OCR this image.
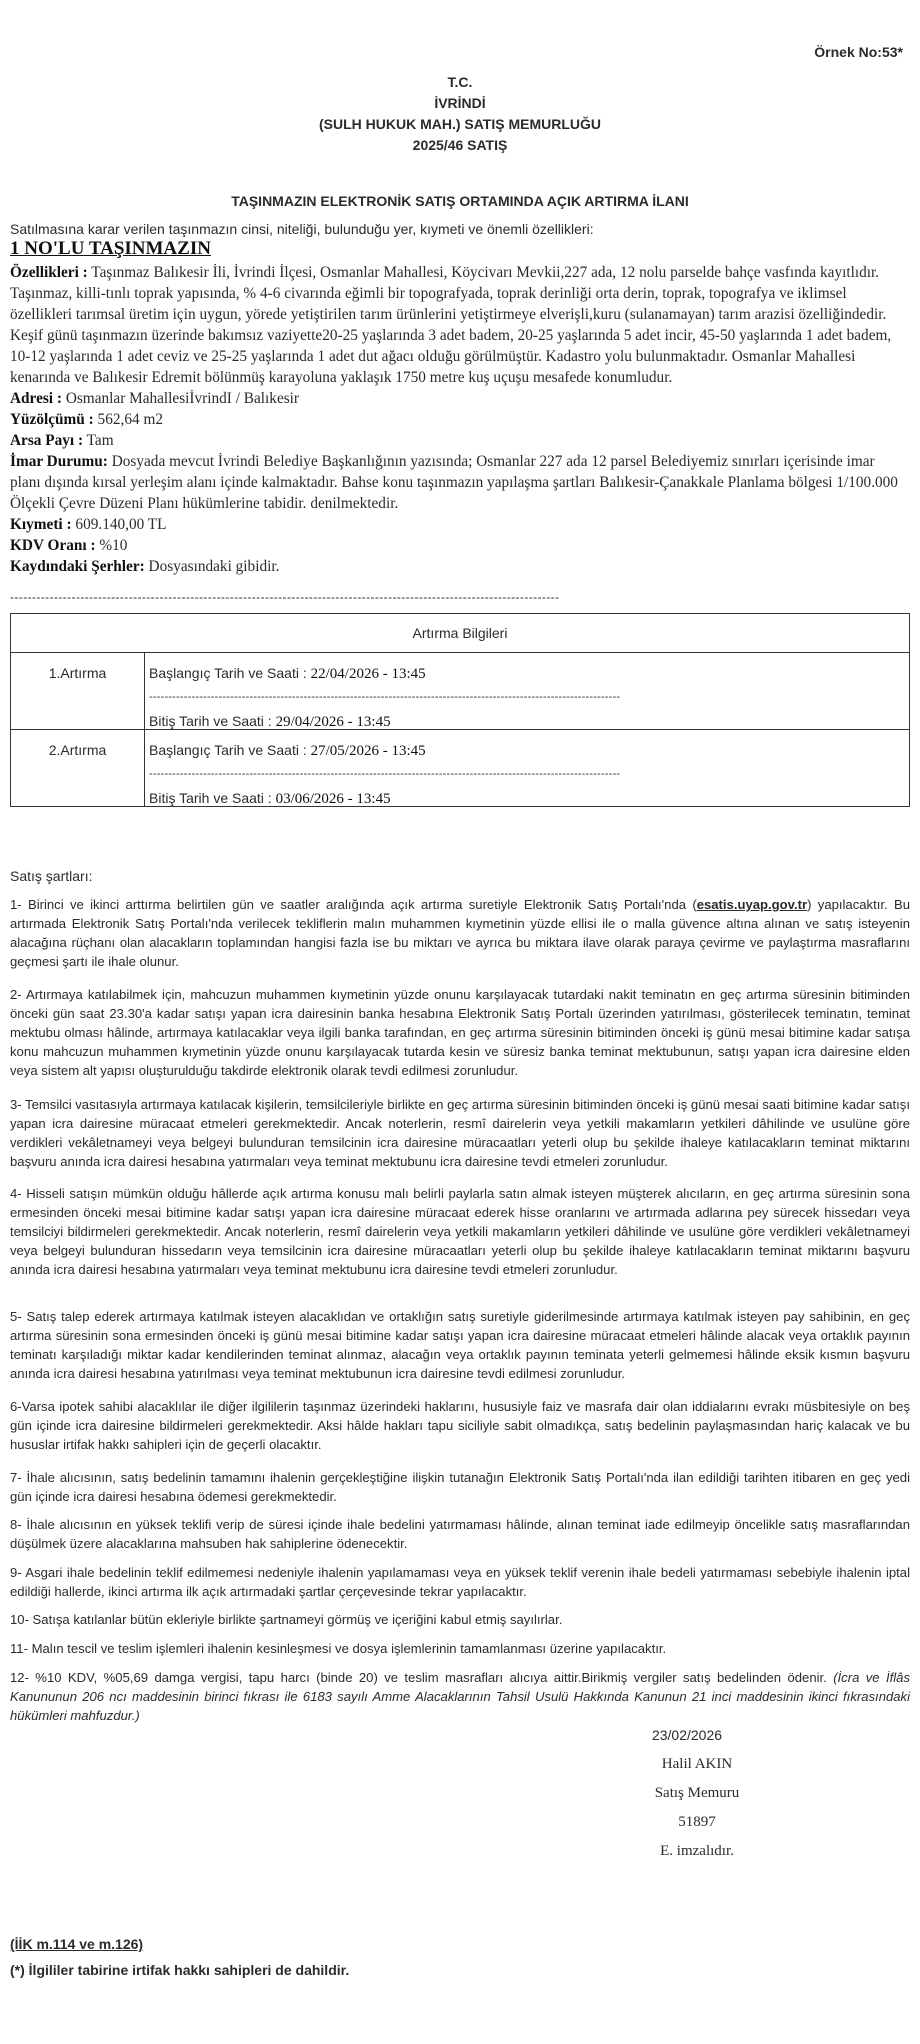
Örnek No:53*
T.C.
İVRİNDİ
(SULH HUKUK MAH.) SATIŞ MEMURLUĞU
2025/46 SATIŞ
TAŞINMAZIN ELEKTRONİK SATIŞ ORTAMINDA AÇIK ARTIRMA İLANI
Satılmasına karar verilen taşınmazın cinsi, niteliği, bulunduğu yer, kıymeti ve önemli özellikleri:
1 NO'LU TAŞINMAZIN

Özellikleri : Taşınmaz Balıkesir İli, İvrindi İlçesi, Osmanlar Mahallesi, Köycivarı Mevkii,227 ada, 12 nolu parselde bahçe vasfında kayıtlıdır. Taşınmaz, killi-tınlı toprak yapısında, % 4-6 civarında eğimli bir topografyada, toprak derinliği orta derin, toprak, topografya ve iklimsel özellikleri tarımsal üretim için uygun, yörede yetiştirilen tarım ürünlerini yetiştirmeye elverişli,kuru (sulanamayan) tarım arazisi özelliğindedir. Keşif günü taşınmazın üzerinde bakımsız vaziyette20-25 yaşlarında 3 adet badem, 20-25 yaşlarında 5 adet incir, 45-50 yaşlarında 1 adet badem, 10-12 yaşlarında 1 adet ceviz ve 25-25 yaşlarında 1 adet dut ağacı olduğu görülmüştür. Kadastro yolu bulunmaktadır. Osmanlar Mahallesi kenarında ve Balıkesir Edremit bölünmüş karayoluna yaklaşık 1750 metre kuş uçuşu mesafede konumludur.

Adresi : Osmanlar MahallesiİvrindI / Balıkesir

Yüzölçümü : 562,64 m2

Arsa Payı : Tam

İmar Durumu: Dosyada mevcut İvrindi Belediye Başkanlığının yazısında; Osmanlar 227 ada 12 parsel Belediyemiz sınırları içerisinde imar planı dışında kırsal yerleşim alanı içinde kalmaktadır. Bahse konu taşınmazın yapılaşma şartları Balıkesir-Çanakkale Planlama bölgesi 1/100.000 Ölçekli Çevre Düzeni Planı hükümlerine tabidir. denilmektedir.

Kıymeti : 609.140,00 TL

KDV Oranı : %10

Kaydındaki Şerhler: Dosyasındaki gibidir.

-----------------------------------------------------------------------------------------------------------------------------
Artırma Bilgileri	
1.Artırma	Başlangıç Tarih ve Saati : 22/04/2026 - 13:45
--------------------------------------------------------------------------------------------------------------------------
Bitiş Tarih ve Saati : 29/04/2026 - 13:45

2.Artırma	Başlangıç Tarih ve Saati : 27/05/2026 - 13:45
--------------------------------------------------------------------------------------------------------------------------
Bitiş Tarih ve Saati : 03/06/2026 - 13:45
Satış şartları:

1- Birinci ve ikinci arttırma belirtilen gün ve saatler aralığında açık artırma suretiyle Elektronik Satış Portalı'nda (esatis.uyap.gov.tr) yapılacaktır. Bu artırmada Elektronik Satış Portalı'nda verilecek tekliflerin malın muhammen kıymetinin yüzde ellisi ile o malla güvence altına alınan ve satış isteyenin alacağına rüçhanı olan alacakların toplamından hangisi fazla ise bu miktarı ve ayrıca bu miktara ilave olarak paraya çevirme ve paylaştırma masraflarını geçmesi şartı ile ihale olunur.

2- Artırmaya katılabilmek için, mahcuzun muhammen kıymetinin yüzde onunu karşılayacak tutardaki nakit teminatın en geç artırma süresinin bitiminden önceki gün saat 23.30'a kadar satışı yapan icra dairesinin banka hesabına Elektronik Satış Portalı üzerinden yatırılması, gösterilecek teminatın, teminat mektubu olması hâlinde, artırmaya katılacaklar veya ilgili banka tarafından, en geç artırma süresinin bitiminden önceki iş günü mesai bitimine kadar satışa konu mahcuzun muhammen kıymetinin yüzde onunu karşılayacak tutarda kesin ve süresiz banka teminat mektubunun, satışı yapan icra dairesine elden veya sistem alt yapısı oluşturulduğu takdirde elektronik olarak tevdi edilmesi zorunludur.

3- Temsilci vasıtasıyla artırmaya katılacak kişilerin, temsilcileriyle birlikte en geç artırma süresinin bitiminden önceki iş günü mesai saati bitimine kadar satışı yapan icra dairesine müracaat etmeleri gerekmektedir. Ancak noterlerin, resmî dairelerin veya yetkili makamların yetkileri dâhilinde ve usulüne göre verdikleri vekâletnameyi veya belgeyi bulunduran temsilcinin icra dairesine müracaatları yeterli olup bu şekilde ihaleye katılacakların teminat miktarını başvuru anında icra dairesi hesabına yatırmaları veya teminat mektubunu icra dairesine tevdi etmeleri zorunludur.

4- Hisseli satışın mümkün olduğu hâllerde açık artırma konusu malı belirli paylarla satın almak isteyen müşterek alıcıların, en geç artırma süresinin sona ermesinden önceki mesai bitimine kadar satışı yapan icra dairesine müracaat ederek hisse oranlarını ve artırmada adlarına pey sürecek hissedarı veya temsilciyi bildirmeleri gerekmektedir. Ancak noterlerin, resmî dairelerin veya yetkili makamların yetkileri dâhilinde ve usulüne göre verdikleri vekâletnameyi veya belgeyi bulunduran hissedarın veya temsilcinin icra dairesine müracaatları yeterli olup bu şekilde ihaleye katılacakların teminat miktarını başvuru anında icra dairesi hesabına yatırmaları veya teminat mektubunu icra dairesine tevdi etmeleri zorunludur.

5- Satış talep ederek artırmaya katılmak isteyen alacaklıdan ve ortaklığın satış suretiyle giderilmesinde artırmaya katılmak isteyen pay sahibinin, en geç artırma süresinin sona ermesinden önceki iş günü mesai bitimine kadar satışı yapan icra dairesine müracaat etmeleri hâlinde alacak veya ortaklık payının teminatı karşıladığı miktar kadar kendilerinden teminat alınmaz, alacağın veya ortaklık payının teminata yeterli gelmemesi hâlinde eksik kısmın başvuru anında icra dairesi hesabına yatırılması veya teminat mektubunun icra dairesine tevdi edilmesi zorunludur.

6-Varsa ipotek sahibi alacaklılar ile diğer ilgililerin taşınmaz üzerindeki haklarını, hususiyle faiz ve masrafa dair olan iddialarını evrakı müsbitesiyle on beş gün içinde icra dairesine bildirmeleri gerekmektedir. Aksi hâlde hakları tapu siciliyle sabit olmadıkça, satış bedelinin paylaşmasından hariç kalacak ve bu hususlar irtifak hakkı sahipleri için de geçerli olacaktır.

7- İhale alıcısının, satış bedelinin tamamını ihalenin gerçekleştiğine ilişkin tutanağın Elektronik Satış Portalı'nda ilan edildiği tarihten itibaren en geç yedi gün içinde icra dairesi hesabına ödemesi gerekmektedir.

8- İhale alıcısının en yüksek teklifi verip de süresi içinde ihale bedelini yatırmaması hâlinde, alınan teminat iade edilmeyip öncelikle satış masraflarından düşülmek üzere alacaklarına mahsuben hak sahiplerine ödenecektir.

9- Asgari ihale bedelinin teklif edilmemesi nedeniyle ihalenin yapılamaması veya en yüksek teklif verenin ihale bedeli yatırmaması sebebiyle ihalenin iptal edildiği hallerde, ikinci artırma ilk açık artırmadaki şartlar çerçevesinde tekrar yapılacaktır.

10- Satışa katılanlar bütün ekleriyle birlikte şartnameyi görmüş ve içeriğini kabul etmiş sayılırlar.

11- Malın tescil ve teslim işlemleri ihalenin kesinleşmesi ve dosya işlemlerinin tamamlanması üzerine yapılacaktır.

12- %10 KDV, %05,69 damga vergisi, tapu harcı (binde 20) ve teslim masrafları alıcıya aittir.Birikmiş vergiler satış bedelinden ödenir. (İcra ve İflâs Kanununun 206 ncı maddesinin birinci fıkrası ile 6183 sayılı Amme Alacaklarının Tahsil Usulü Hakkında Kanunun 21 inci maddesinin ikinci fıkrasındaki hükümleri mahfuzdur.)

23/02/2026
Halil AKIN
Satış Memuru
51897
E. imzalıdır.
(İİK m.114 ve m.126)
(*) İlgililer tabirine irtifak hakkı sahipleri de dahildir.
